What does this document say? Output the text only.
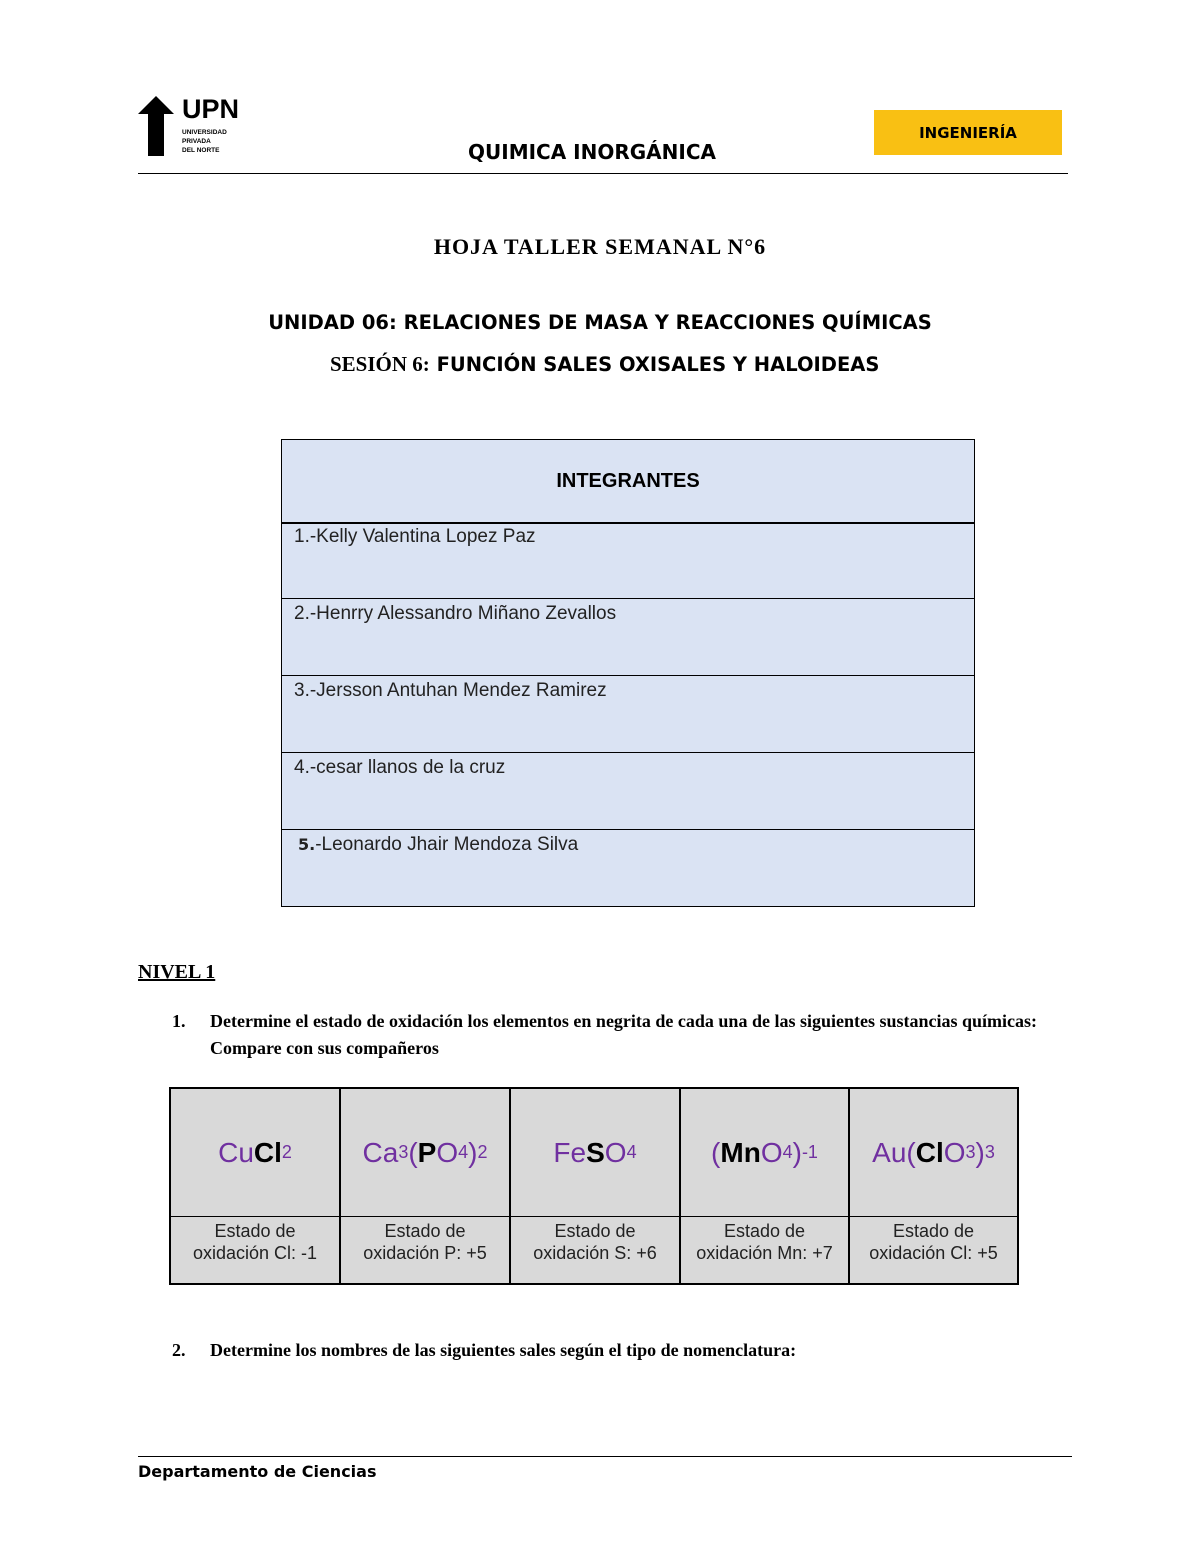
UPN
UNIVERSIDAD
PRIVADA
DEL NORTE	QUIMICA INORGÁNICA
INGENIERÍA
HOJA TALLER SEMANAL N°6
UNIDAD 06: RELACIONES DE MASA Y REACCIONES QUÍMICAS
SESIÓN 6: FUNCIÓN SALES OXISALES Y HALOIDEAS
INTEGRANTES
1.-Kelly Valentina Lopez Paz
2.-Henrry Alessandro Miñano Zevallos
3.-Jersson Antuhan Mendez Ramirez
4.-cesar llanos de la cruz
5.-Leonardo Jhair Mendoza Silva
NIVEL 1
1. Determine el estado de oxidación los elementos en negrita de cada una de las siguientes sustancias químicas: Compare con sus compañeros
Cu Cl 2
Estado de oxidación Cl: -1
Ca 3 ( P O 4 ) 2
Estado de oxidación P: +5
Fe S O 4
Estado de oxidación S: +6
( Mn O 4 ) -1
Estado de oxidación Mn: +7
Au( Cl O 3 ) 3
Estado de oxidación Cl: +5
2. Determine los nombres de las siguientes sales según el tipo de nomenclatura:
Departamento de Ciencias
